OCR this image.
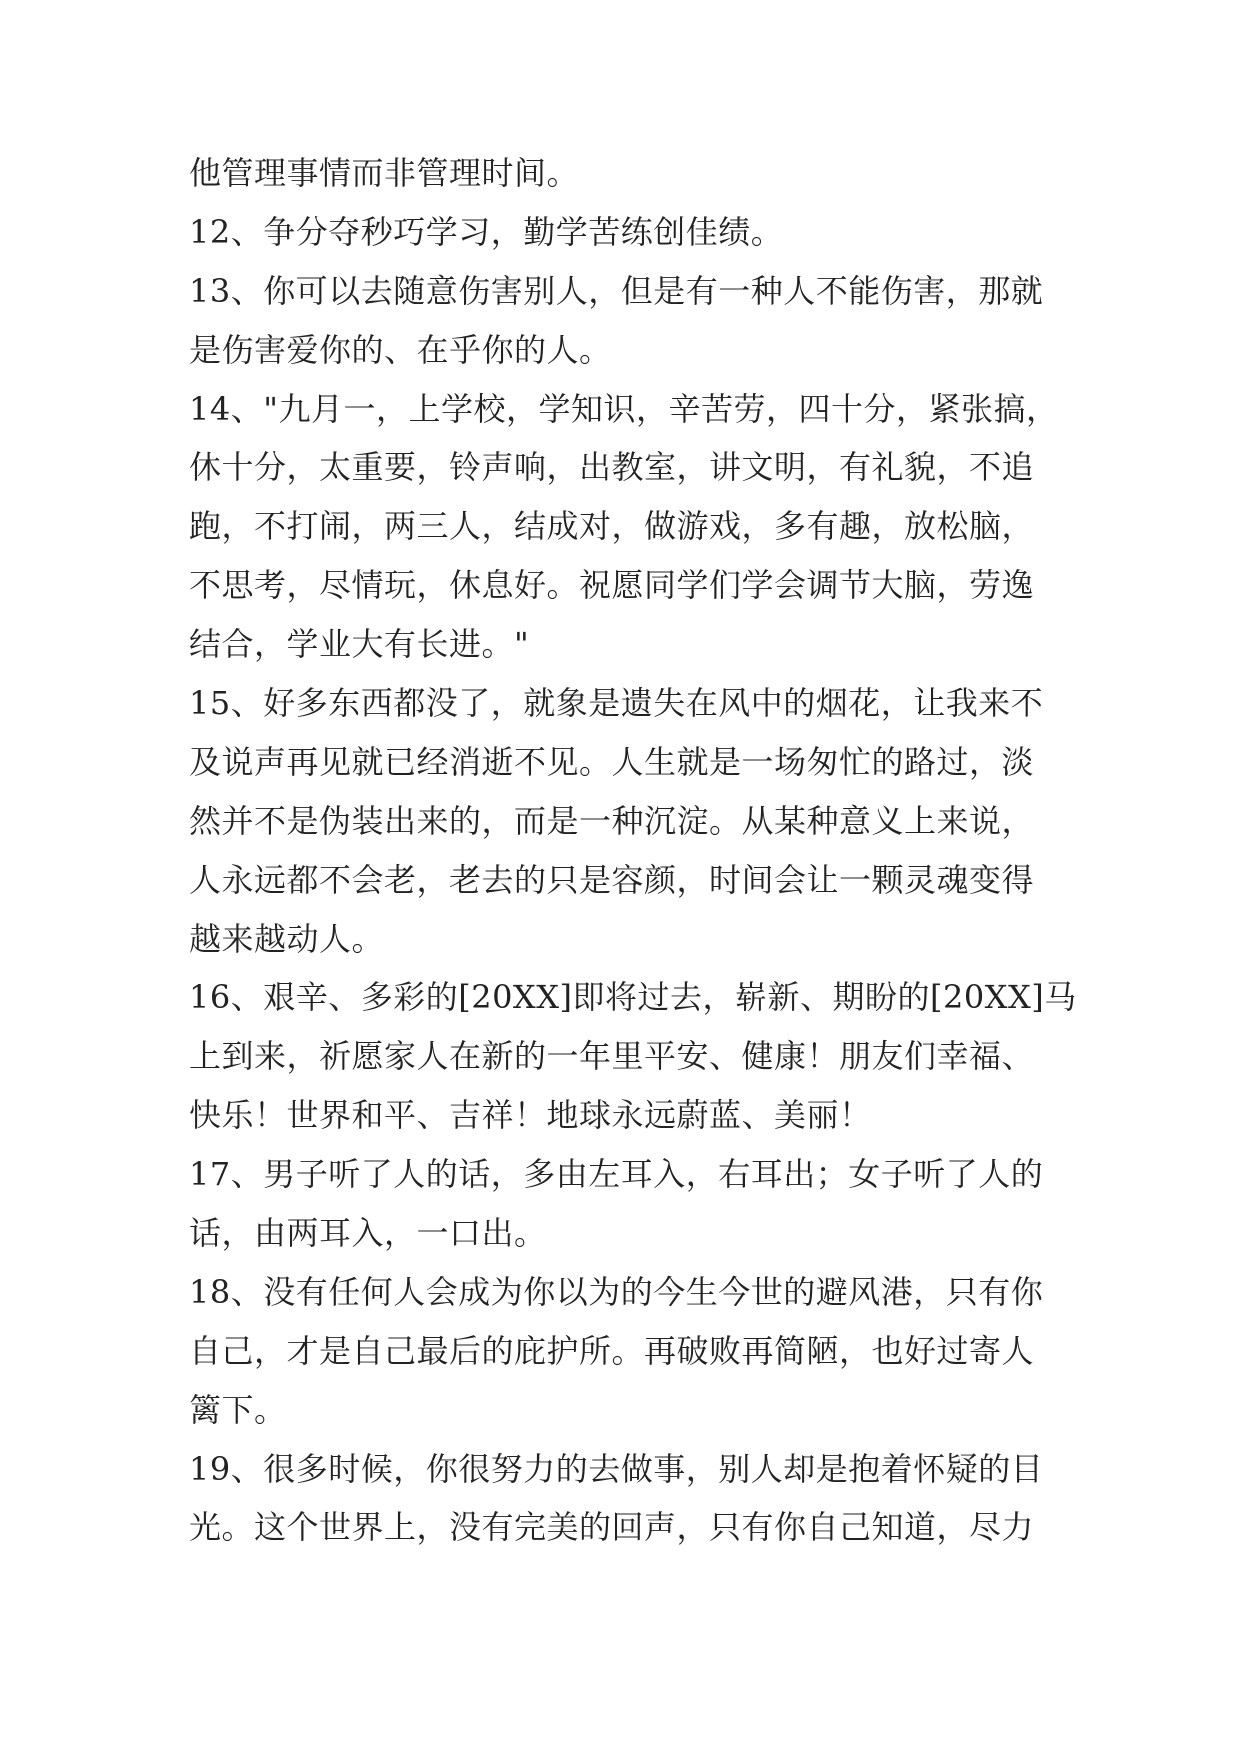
他管理事情而非管理时间。
12、争分夺秒巧学习，勤学苦练创佳绩。
13、你可以去随意伤害别人，但是有一种人不能伤害，那就
是伤害爱你的、在乎你的人。
14、"九月一，上学校，学知识，辛苦劳，四十分，紧张搞，
休十分，太重要，铃声响，出教室，讲文明，有礼貌，不追
跑，不打闹，两三人，结成对，做游戏，多有趣，放松脑，
不思考，尽情玩，休息好。祝愿同学们学会调节大脑，劳逸
结合，学业大有长进。"
15、好多东西都没了，就象是遗失在风中的烟花，让我来不
及说声再见就已经消逝不见。人生就是一场匆忙的路过，淡
然并不是伪装出来的，而是一种沉淀。从某种意义上来说，
人永远都不会老，老去的只是容颜，时间会让一颗灵魂变得
越来越动人。
16、艰辛、多彩的[20XX]即将过去，崭新、期盼的[20XX]马
上到来，祈愿家人在新的一年里平安、健康！朋友们幸福、
快乐！世界和平、吉祥！地球永远蔚蓝、美丽！
17、男子听了人的话，多由左耳入，右耳出；女子听了人的
话，由两耳入，一口出。
18、没有任何人会成为你以为的今生今世的避风港，只有你
自己，才是自己最后的庇护所。再破败再简陋，也好过寄人
篱下。
19、很多时候，你很努力的去做事，别人却是抱着怀疑的目
光。这个世界上，没有完美的回声，只有你自己知道，尽力
